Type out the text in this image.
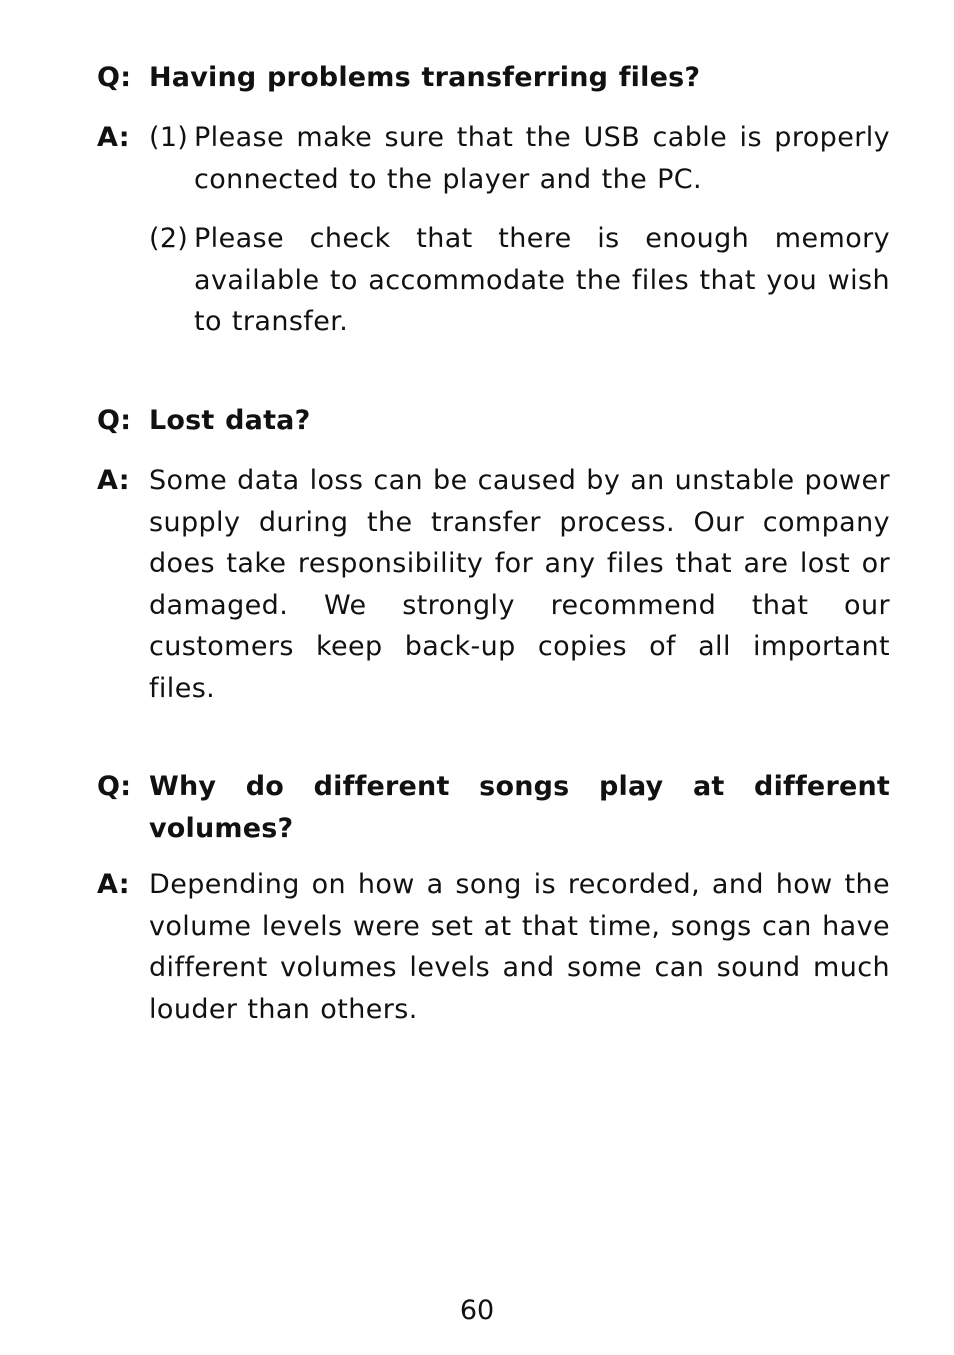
Q: Having problems transferring files?
A: (1) Please make sure that the USB cable is properly connected to the player and the PC.
(2) Please check that there is enough memory available to accommodate the files that you wish to transfer.
Q: Lost data?
A: Some data loss can be caused by an unstable power supply during the transfer process. Our company does take responsibility for any files that are lost or damaged. We strongly recommend that our customers keep back-up copies of all important files.
Q: Why do different songs play at different volumes?
A: Depending on how a song is recorded, and how the volume levels were set at that time, songs can have different volumes levels and some can sound much louder than others.
60
